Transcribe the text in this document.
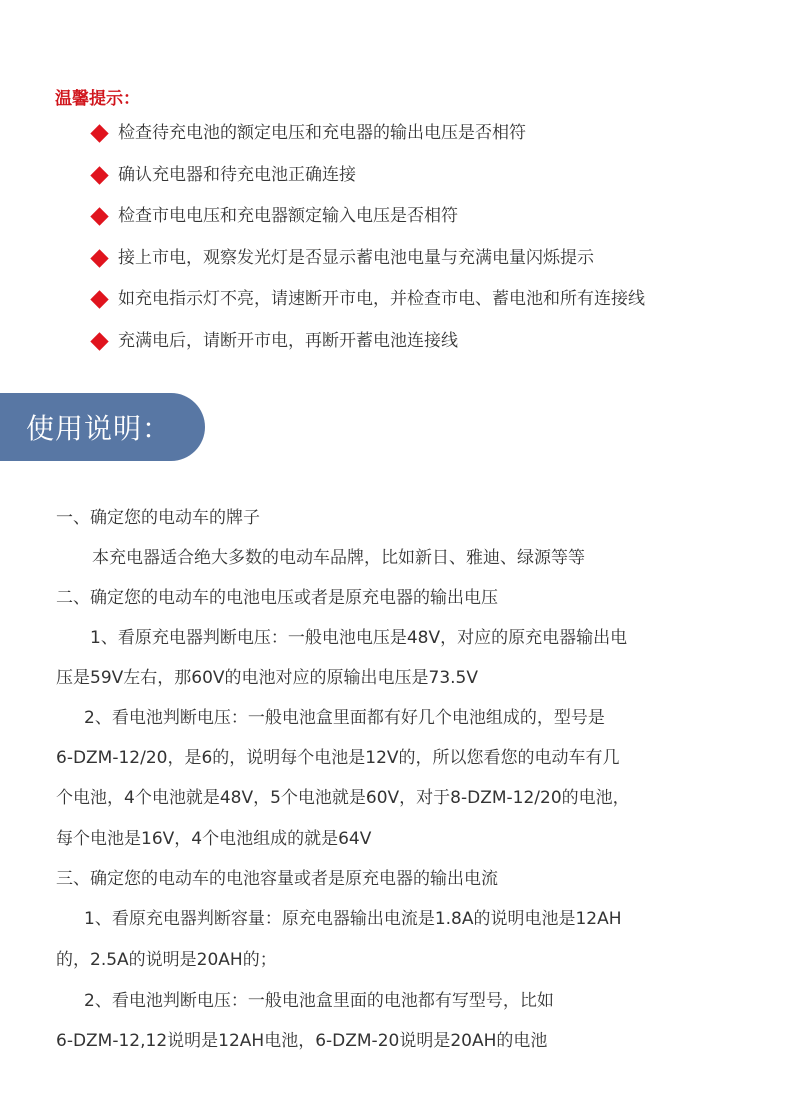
温馨提示：
检查待充电池的额定电压和充电器的输出电压是否相符
确认充电器和待充电池正确连接
检查市电电压和充电器额定输入电压是否相符
接上市电，观察发光灯是否显示蓄电池电量与充满电量闪烁提示
如充电指示灯不亮，请速断开市电，并检查市电、蓄电池和所有连接线
充满电后，请断开市电，再断开蓄电池连接线
使用说明：
一、确定您的电动车的牌子
本充电器适合绝大多数的电动车品牌，比如新日、雅迪、绿源等等
二、确定您的电动车的电池电压或者是原充电器的输出电压
1、看原充电器判断电压：一般电池电压是48V，对应的原充电器输出电
压是59V左右，那60V的电池对应的原输出电压是73.5V
2、看电池判断电压：一般电池盒里面都有好几个电池组成的，型号是
6-DZM-12/20，是6的，说明每个电池是12V的，所以您看您的电动车有几
个电池，4个电池就是48V，5个电池就是60V，对于8-DZM-12/20的电池，
每个电池是16V，4个电池组成的就是64V
三、确定您的电动车的电池容量或者是原充电器的输出电流
1、看原充电器判断容量：原充电器输出电流是1.8A的说明电池是12AH
的，2.5A的说明是20AH的；
2、看电池判断电压：一般电池盒里面的电池都有写型号，比如
6-DZM-12,12说明是12AH电池，6-DZM-20说明是20AH的电池
